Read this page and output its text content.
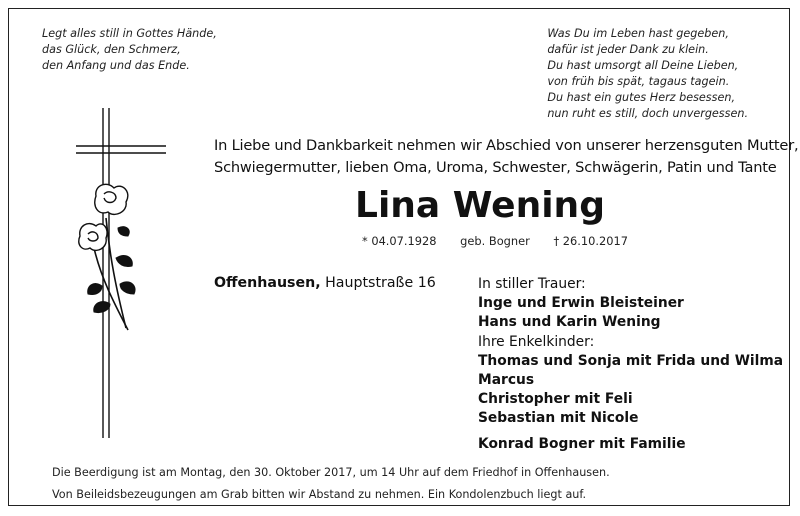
Legt alles still in Gottes Hände,
das Glück, den Schmerz,
den Anfang und das Ende.
Was Du im Leben hast gegeben,
dafür ist jeder Dank zu klein.
Du hast umsorgt all Deine Lieben,
von früh bis spät, tagaus tagein.
Du hast ein gutes Herz besessen,
nun ruht es still, doch unvergessen.
In Liebe und Dankbarkeit nehmen wir Abschied von unserer herzensguten Mutter,
Schwiegermutter, lieben Oma, Uroma, Schwester, Schwägerin, Patin und Tante
Lina Wening
* 04.07.1928 geb. Bogner † 26.10.2017
Offenhausen, Hauptstraße 16	In stiller Trauer:
Inge und Erwin Bleisteiner
Hans und Karin Wening
Ihre Enkelkinder:
Thomas und Sonja mit Frida und Wilma
Marcus
Christopher mit Feli
Sebastian mit Nicole
Konrad Bogner mit Familie
Die Beerdigung ist am Montag, den 30. Oktober 2017, um 14 Uhr auf dem Friedhof in Offenhausen.
Von Beileidsbezeugungen am Grab bitten wir Abstand zu nehmen. Ein Kondolenzbuch liegt auf.
